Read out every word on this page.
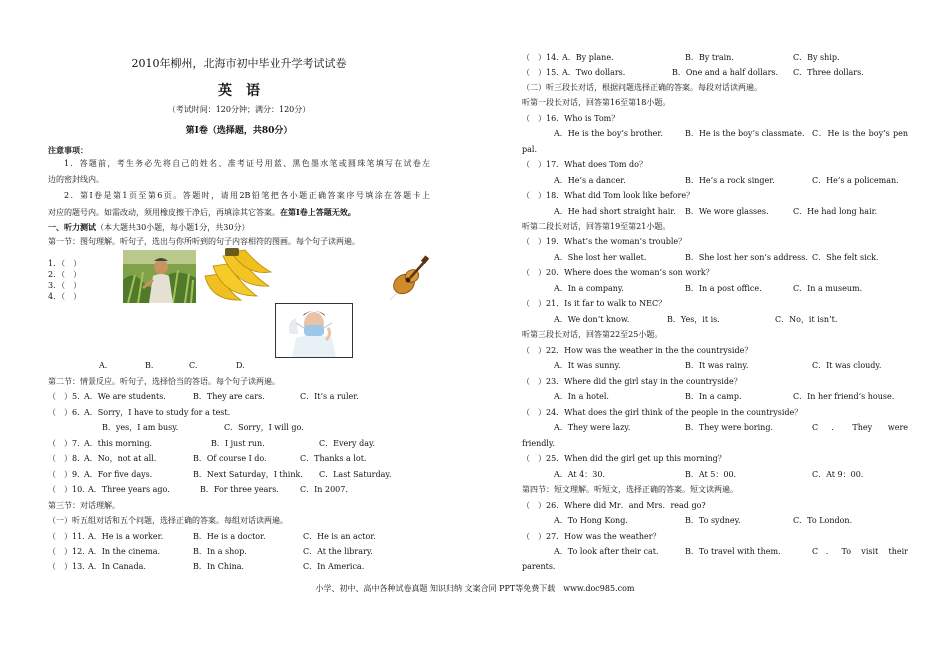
2010年柳州，北海市初中毕业升学考试试卷
英　语
（考试时间：120分钟；满分：120分）
第Ⅰ卷（选择题，共80分）
注意事项：
1．答题前，考生务必先将自己的姓名、准考证号用蓝、黑色墨水笔或圆珠笔填写在试卷左
边的密封线内。
2．第Ⅰ卷是第1页至第6页。答题时，请用2B铅笔把各小题正确答案序号填涂在答题卡上
对应的题号内。如需改动，须用橡皮擦干净后，再填涂其它答案。在第Ⅰ卷上答题无效。
一、听力测试（本大题共30小题，每小题1分，共30分）
第一节：图句理解。听句子，选出与你所听到的句子内容相符的图画。每个句子读两遍。
1．（　）
2．（　）
3．（　）
4．（　）
A.	B.	C.	D.
第二节：情景反应。听句子，选择恰当的答语。每个句子读两遍。
（　）5．
A．We are students.	B．They are cars.	C．It’s a ruler.
（　）6．
A．Sorry，I have to study for a test.
B．yes，I am busy.	C．Sorry，I will go.
（　）7．
A．this morning.	B．I just run.	C．Every day.
（　）8．
A．No，not at all.	B．Of course I do.	C．Thanks a lot.
（　）9．
A．For five days.	B．Next Saturday，I think. C．Last Saturday.
（　）10．
A．Three years ago.	B．For three years.	C．In 2007.
第三节：对话理解。
（一）听五组对话和五个问题，选择正确的答案。每组对话读两遍。
（　）11．
A．He is a worker.	B．He is a doctor.	C．He is an actor.
（　）12．
A．In the cinema.	B．In a shop.	C．At the library.
（　）13．
A．In Canada.	B．In China.	C．In America.
（　）14．
A．By plane.	B．By train.	C．By ship.
（　）15．
A．Two dollars.	B．One and a half dollars. C．Three dollars.
（二）听三段长对话，根据问题选择正确的答案。每段对话读两遍。
听第一段长对话，回答第16至第18小题。
（　）16．Who is Tom？
A．He is the boy’s brother.	B．He is the boy’s classmate. C．He is the boy’s pen
pal.
（　）17．What does Tom do？
A．He’s a dancer.	B．He’s a rock singer.	C．He’s a policeman.
（　）18．What did Tom look like before？
A．He had short straight hair. B．We wore glasses.	C．He had long hair.
听第二段长对话，回答第19至第21小题。
（　）19．What’s the woman’s trouble？
A．She lost her wallet.	B．She lost her son’s address. C．She felt sick.
（　）20．Where does the woman’s son work？
A．In a company.	B．In a post office.	C．In a museum.
（　）21．Is it far to walk to NEC？
A．We don’t know.	B．Yes，it is.	C．No，it isn’t.
听第三段长对话，回答第22至25小题。
（　）22．How was the weather in the the countryside？
A．It was sunny.	B．It was rainy.	C．It was cloudy.
（　）23．Where did the girl stay in the countryside？
A．In a hotel.	B．In a camp.	C．In her friend’s house.
（　）24．What does the girl think of the people in the countryside？
A．They were lazy.	B．They were boring.	C．They were
friendly.
（　）25．When did the girl get up this morning？
A．At 4：30.	B．At 5：00.	C．At 9：00.
第四节：短文理解。听短文，选择正确的答案。短文读两遍。
（　）26．Where did Mr．and Mrs．read go?
A．To Hong Kong.	B．To sydney.	C．To London.
（　）27．How was the weather？
A．To look after their cat.	B．To travel with them.	C．To visit their
parents.
小学、初中、高中各种试卷真题 知识归纳 文案合同 PPT等免费下载　www.doc985.com
